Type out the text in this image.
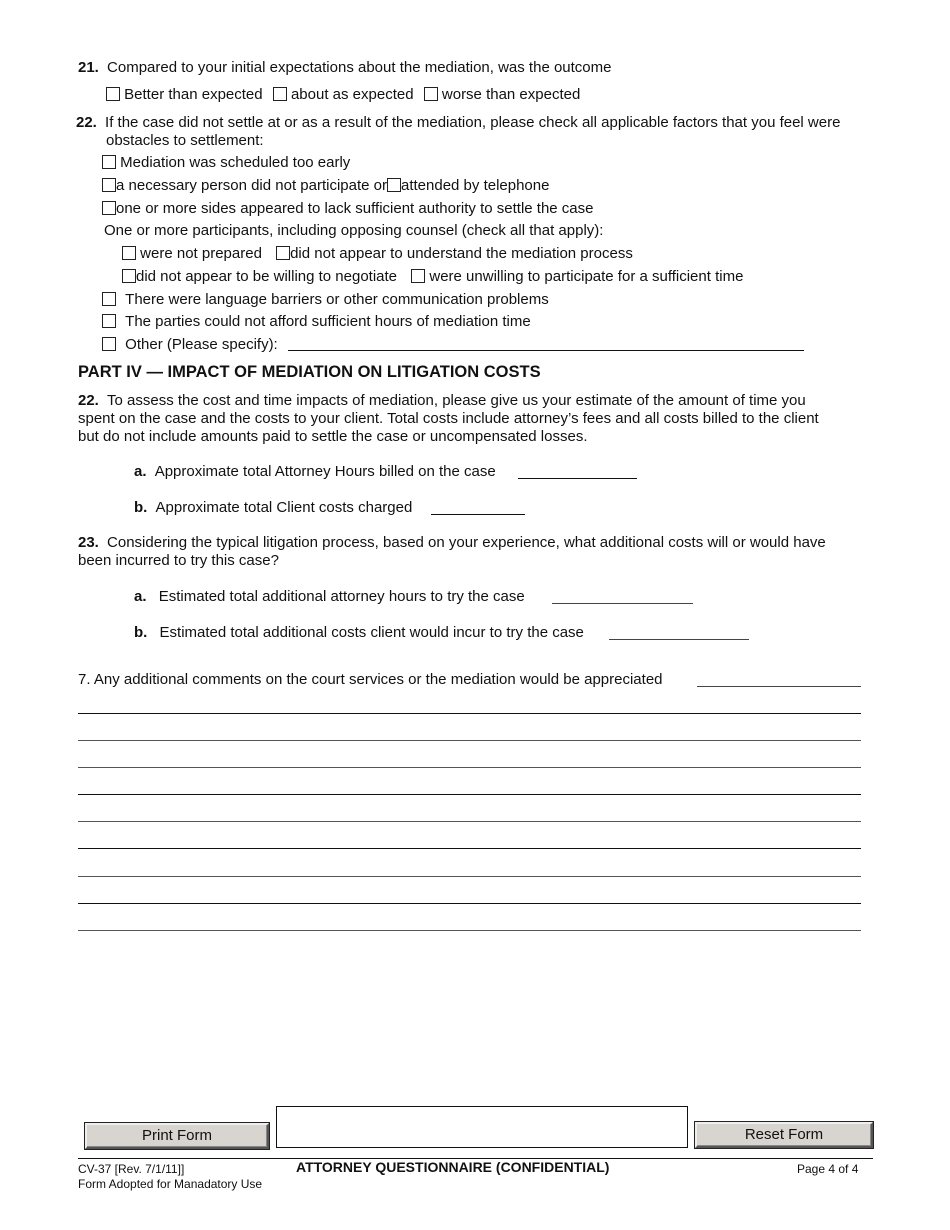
21. Compared to your initial expectations about the mediation, was the outcome
Better than expected about as expected worse than expected
22. If the case did not settle at or as a result of the mediation, please check all applicable factors that you feel were
obstacles to settlement:
Mediation was scheduled too early
a necessary person did not participate or attended by telephone
one or more sides appeared to lack sufficient authority to settle the case
One or more participants, including opposing counsel (check all that apply):
were not prepared did not appear to understand the mediation process
did not appear to be willing to negotiate were unwilling to participate for a sufficient time
There were language barriers or other communication problems
The parties could not afford sufficient hours of mediation time
Other (Please specify):
PART IV — IMPACT OF MEDIATION ON LITIGATION COSTS
22. To assess the cost and time impacts of mediation, please give us your estimate of the amount of time you
spent on the case and the costs to your client. Total costs include attorney’s fees and all costs billed to the client
but do not include amounts paid to settle the case or uncompensated losses.
a. Approximate total Attorney Hours billed on the case
b. Approximate total Client costs charged
23. Considering the typical litigation process, based on your experience, what additional costs will or would have
been incurred to try this case?
a. Estimated total additional attorney hours to try the case
b. Estimated total additional costs client would incur to try the case
7. Any additional comments on the court services or the mediation would be appreciated
Print Form	Reset Form
CV-37 [Rev. 7/1/11]]
Form Adopted for Manadatory Use
ATTORNEY QUESTIONNAIRE (CONFIDENTIAL)	Page 4 of 4
